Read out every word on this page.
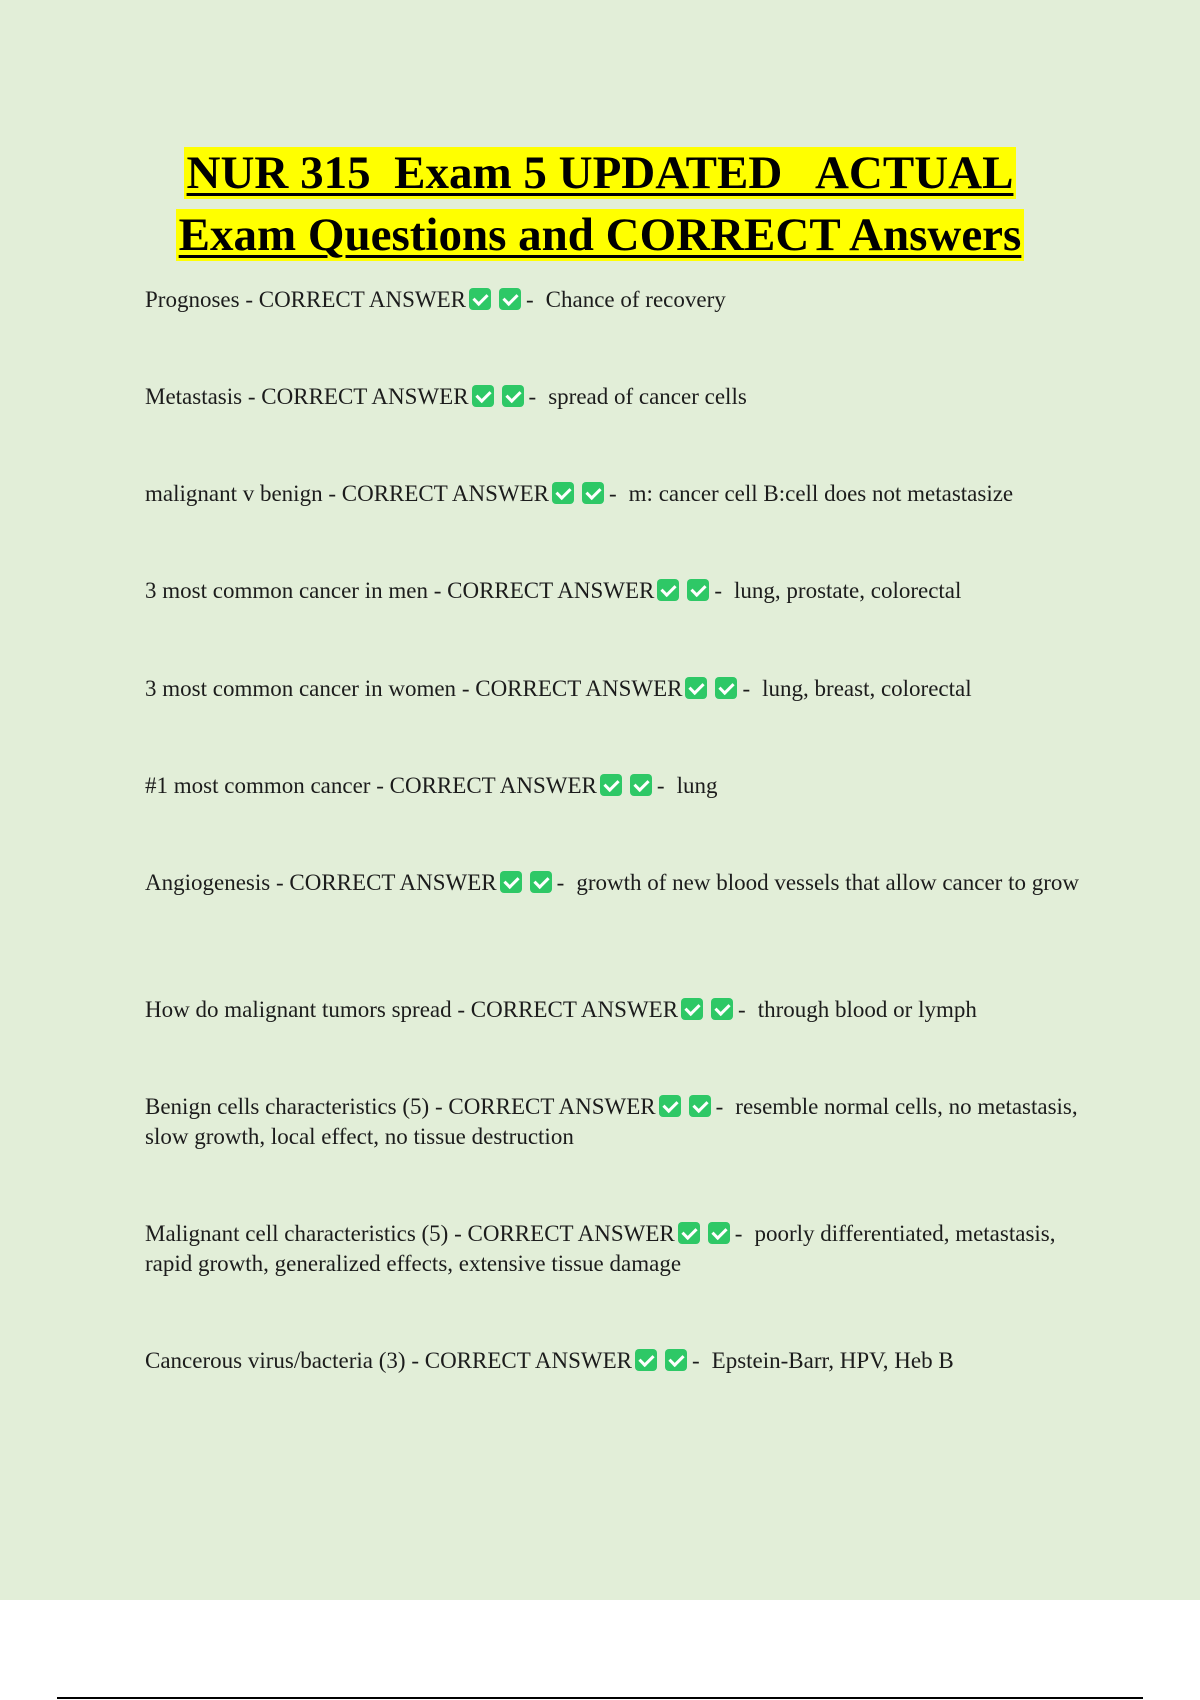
NUR 315  Exam 5 UPDATED   ACTUAL
Exam Questions and CORRECT Answers

Prognoses - CORRECT ANSWER	- Chance of recovery

Metastasis - CORRECT ANSWER	- spread of cancer cells

malignant v benign - CORRECT ANSWER	- m: cancer cell B:cell does not metastasize

3 most common cancer in men - CORRECT ANSWER	- lung, prostate, colorectal

3 most common cancer in women - CORRECT ANSWER	- lung, breast, colorectal

#1 most common cancer - CORRECT ANSWER	- lung

Angiogenesis - CORRECT ANSWER	- growth of new blood vessels that allow cancer to grow

How do malignant tumors spread - CORRECT ANSWER	- through blood or lymph

Benign cells characteristics (5) - CORRECT ANSWER	- resemble normal cells, no metastasis, slow growth, local effect, no tissue destruction

Malignant cell characteristics (5) - CORRECT ANSWER	- poorly differentiated, metastasis, rapid growth, generalized effects, extensive tissue damage

Cancerous virus/bacteria (3) - CORRECT ANSWER	- Epstein-Barr, HPV, Heb B
